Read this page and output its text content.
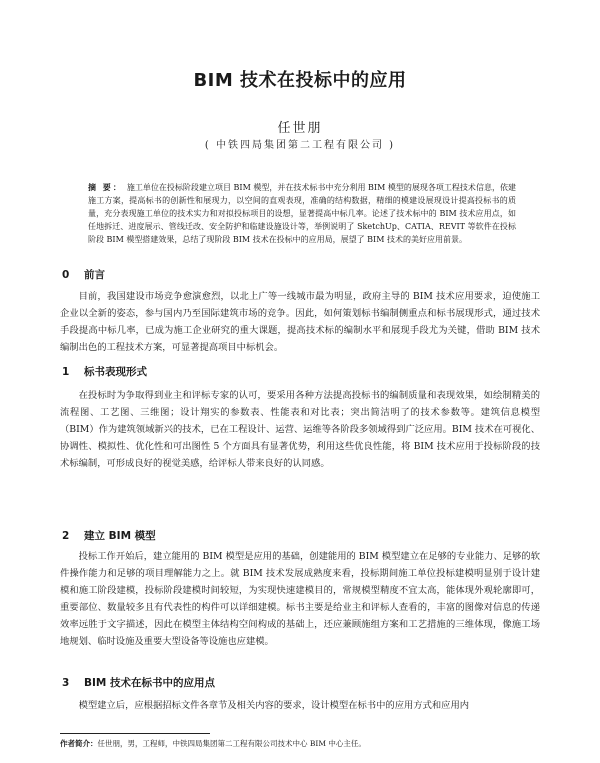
BIM 技术在投标中的应用
任世朋
( 中铁四局集团第二工程有限公司 )
摘 要： 施工单位在投标阶段建立项目 BIM 模型，并在技术标书中充分利用 BIM 模型的展现各项工程技术信息，依建施工方案，提高标书的创新性和展现力，以空间的直观表现，准确的结构数据，精细的模建设展现设计提高投标书的质量，充分表现施工单位的技术实力和对拟投标项目的设想，显著提高中标几率。论述了技术标中的 BIM 技术应用点，如任地拆迁、进度展示、管线迁改、安全防护和临建设施设计等，举例说明了 SketchUp、CATIA、REVIT 等软件在投标阶段 BIM 模型搭建效果，总结了现阶段 BIM 技术在投标中的应用局，展望了 BIM 技术的美好应用前景。
0 前言
目前，我国建设市场竞争愈演愈烈，以北上广等一线城市最为明显，政府主导的 BIM 技术应用要求，迫使施工企业以全新的姿态，参与国内乃至国际建筑市场的竞争。因此，如何策划标书编制侧重点和标书展现形式，通过技术手段提高中标几率，已成为施工企业研究的重大课题，提高技术标的编制水平和展现手段尤为关键，借助 BIM 技术编制出色的工程技术方案，可显著提高项目中标机会。
1 标书表现形式
在投标时为争取得到业主和评标专家的认可，要采用各种方法提高投标书的编制质量和表现效果，如绘制精美的流程图、工艺图、三维图；设计翔实的参数表、性能表和对比表；突出简洁明了的技术参数等。建筑信息模型（BIM）作为建筑领域新兴的技术，已在工程设计、运营、运维等各阶段多领域得到广泛应用。BIM 技术在可视化、协调性、模拟性、优化性和可出图性 5 个方面具有显著优势，利用这些优良性能，将 BIM 技术应用于投标阶段的技术标编制，可形成良好的视觉美感，给评标人带来良好的认同感。
2 建立 BIM 模型
投标工作开始后，建立能用的 BIM 模型是应用的基础，创建能用的 BIM 模型建立在足够的专业能力、足够的软件操作能力和足够的项目理解能力之上。就 BIM 技术发展成熟度来看，投标期间施工单位投标建模明显别于设计建模和施工阶段建模，投标阶段建模时间较短，为实现快速建模目的，常规模型精度不宜太高，能体现外观轮廓即可，重要部位、数量较多且有代表性的构件可以详细建模。标书主要是给业主和评标人查看的，丰富的图像对信息的传递效率远胜于文字描述，因此在模型主体结构空间构成的基础上，还应兼顾施组方案和工艺措施的三维体现，像施工场地规划、临时设施及重要大型设备等设施也应建模。
3 BIM 技术在标书中的应用点
模型建立后，应根据招标文件各章节及相关内容的要求，设计模型在标书中的应用方式和应用内
作者简介：任世朋，男，工程师，中铁四局集团第二工程有限公司技术中心 BIM 中心主任。
